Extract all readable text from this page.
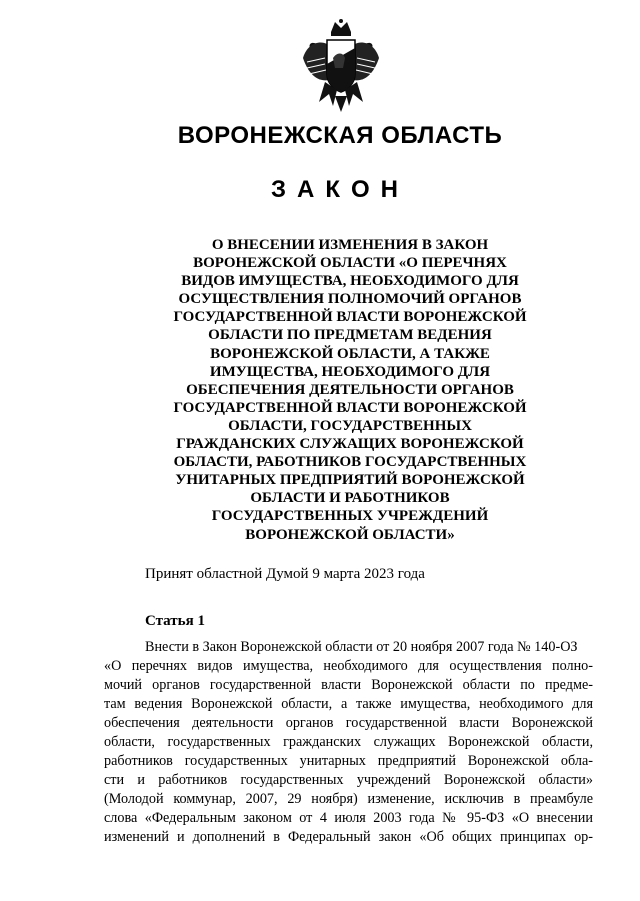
ВОРОНЕЖСКАЯ ОБЛАСТЬ
ЗАКОН
О ВНЕСЕНИИ ИЗМЕНЕНИЯ В ЗАКОН
ВОРОНЕЖСКОЙ ОБЛАСТИ «О ПЕРЕЧНЯХ
ВИДОВ ИМУЩЕСТВА, НЕОБХОДИМОГО ДЛЯ
ОСУЩЕСТВЛЕНИЯ ПОЛНОМОЧИЙ ОРГАНОВ
ГОСУДАРСТВЕННОЙ ВЛАСТИ ВОРОНЕЖСКОЙ
ОБЛАСТИ ПО ПРЕДМЕТАМ ВЕДЕНИЯ
ВОРОНЕЖСКОЙ ОБЛАСТИ, А ТАКЖЕ
ИМУЩЕСТВА, НЕОБХОДИМОГО ДЛЯ
ОБЕСПЕЧЕНИЯ ДЕЯТЕЛЬНОСТИ ОРГАНОВ
ГОСУДАРСТВЕННОЙ ВЛАСТИ ВОРОНЕЖСКОЙ
ОБЛАСТИ, ГОСУДАРСТВЕННЫХ
ГРАЖДАНСКИХ СЛУЖАЩИХ ВОРОНЕЖСКОЙ
ОБЛАСТИ, РАБОТНИКОВ ГОСУДАРСТВЕННЫХ
УНИТАРНЫХ ПРЕДПРИЯТИЙ ВОРОНЕЖСКОЙ
ОБЛАСТИ И РАБОТНИКОВ
ГОСУДАРСТВЕННЫХ УЧРЕЖДЕНИЙ
ВОРОНЕЖСКОЙ ОБЛАСТИ»
Принят областной Думой 9 марта 2023 года
Статья 1
Внести в Закон Воронежской области от 20 ноября 2007 года № 140-ОЗ
«О перечнях видов имущества, необходимого для осуществления полно-
мочий органов государственной власти Воронежской области по предме-
там ведения Воронежской области, а также имущества, необходимого для
обеспечения деятельности органов государственной власти Воронежской
области, государственных гражданских служащих Воронежской области,
работников государственных унитарных предприятий Воронежской обла-
сти и работников государственных учреждений Воронежской области»
(Молодой коммунар, 2007, 29 ноября) изменение, исключив в преамбуле
слова «Федеральным законом от 4 июля 2003 года № 95-ФЗ «О внесении
изменений и дополнений в Федеральный закон «Об общих принципах ор-
